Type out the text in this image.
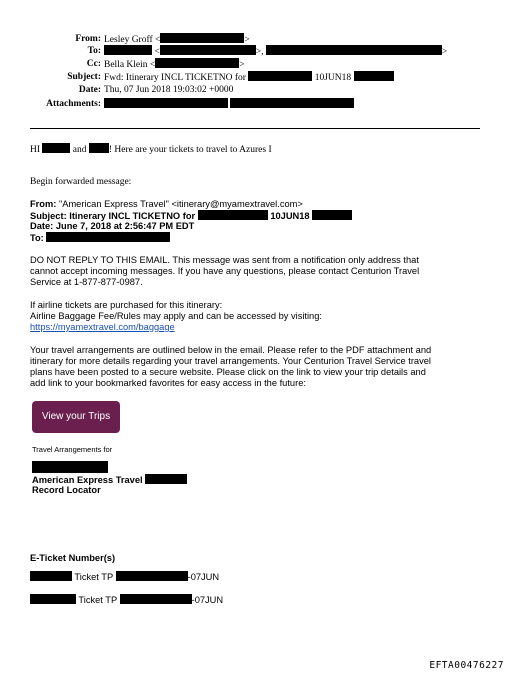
From: Lesley Groff <	>
To:	<	>,	>
Cc: Bella Klein <	>
Subject: Fwd: Itinerary INCL TICKETNO for	10JUN18
Date: Thu, 07 Jun 2018 19:03:02 +0000
Attachments:

HI	and ! Here are your tickets to travel to Azures I
Begin forwarded message:
From: "American Express Travel" <itinerary@myamextravel.com>
Subject: Itinerary INCL TICKETNO for	10JUN18
Date: June 7, 2018 at 2:56:47 PM EDT
To:
DO NOT REPLY TO THIS EMAIL. This message was sent from a notification only address that
cannot accept incoming messages. If you have any questions, please contact Centurion Travel
Service at 1-877-877-0987.
If airline tickets are purchased for this itinerary:
Airline Baggage Fee/Rules may apply and can be accessed by visiting:
https://myamextravel.com/baggage
Your travel arrangements are outlined below in the email. Please refer to the PDF attachment and
itinerary for more details regarding your travel arrangements. Your Centurion Travel Service travel
plans have been posted to a secure website. Please click on the link to view your trip details and
add link to your bookmarked favorites for easy access in the future:
View your Trips
Travel Arrangements for
American Express Travel
Record Locator
E-Ticket Number(s)
Ticket TP	-07JUN
Ticket TP	-07JUN
EFTA00476227
